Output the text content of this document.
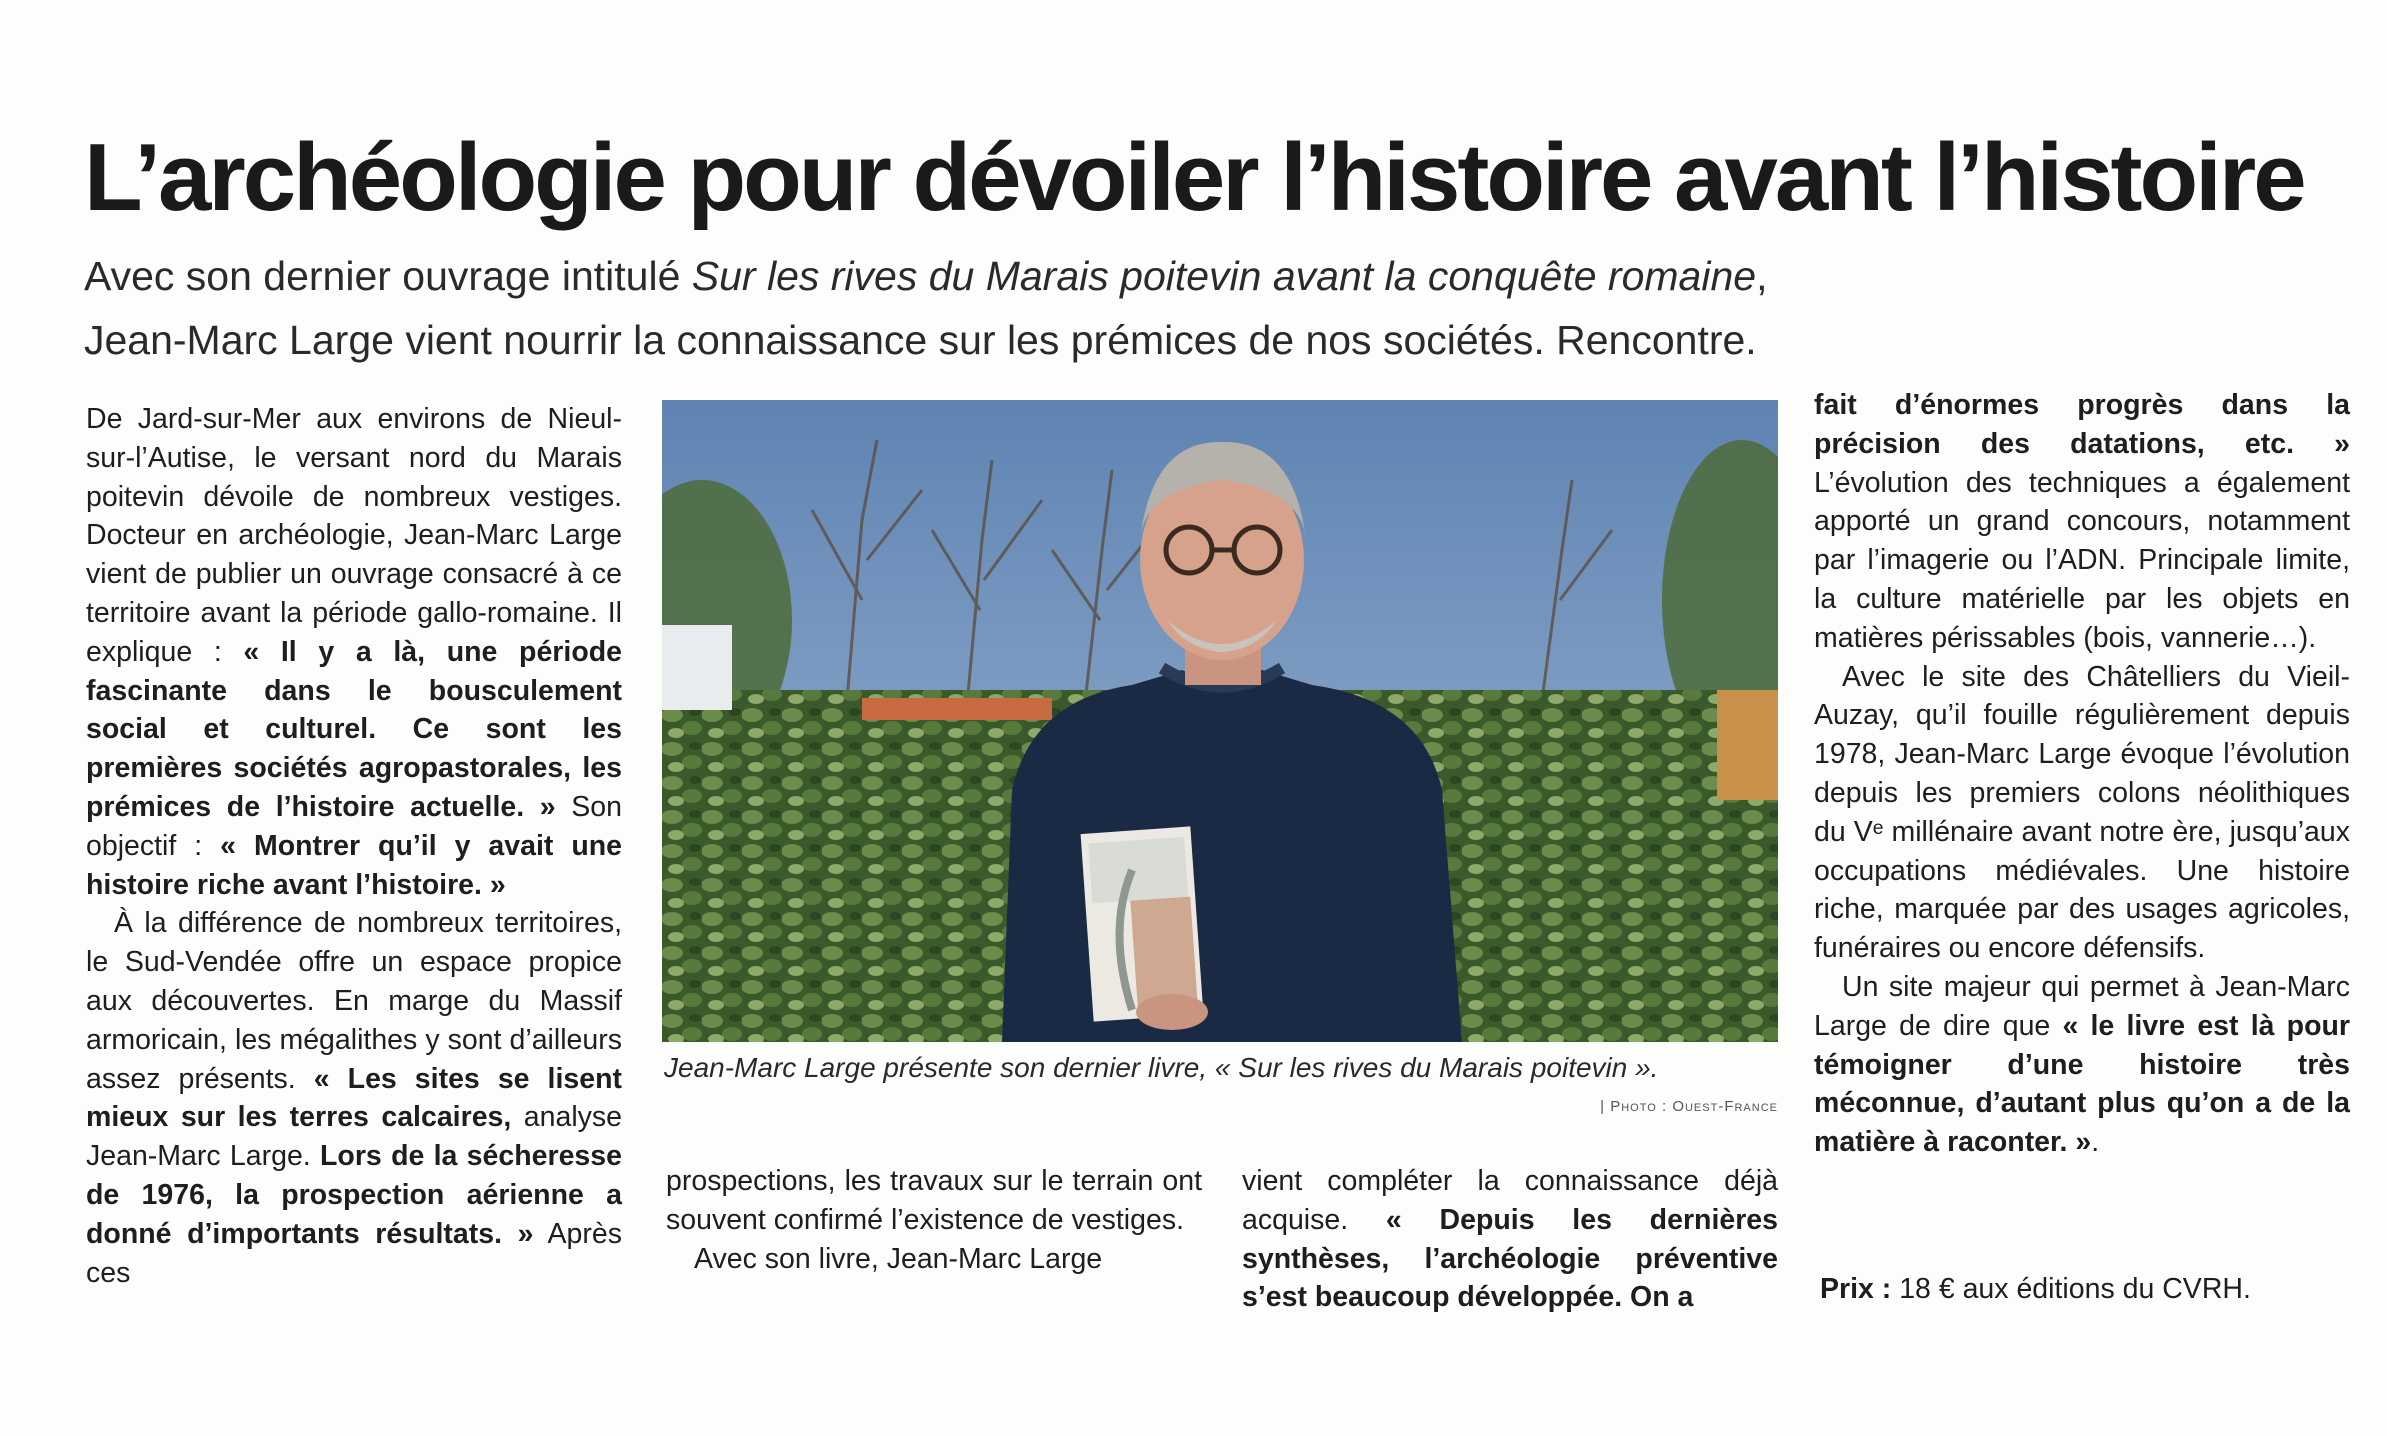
L’archéologie pour dévoiler l’histoire avant l’histoire

Avec son dernier ouvrage intitulé Sur les rives du Marais poitevin avant la conquête romaine,
Jean-Marc Large vient nourrir la connaissance sur les prémices de nos sociétés. Rencontre.

De Jard-sur-Mer aux environs de Nieul-sur-l’Autise, le versant nord du Marais poitevin dévoile de nombreux vestiges. Docteur en archéologie, Jean-Marc Large vient de publier un ouvrage consacré à ce territoire avant la période gallo-romaine. Il explique : « Il y a là, une période fascinante dans le bousculement social et culturel. Ce sont les premières sociétés agropastorales, les prémices de l’histoire actuelle. » Son objectif : « Montrer qu’il y avait une histoire riche avant l’histoire. »

À la différence de nombreux territoires, le Sud-Vendée offre un espace propice aux découvertes. En marge du Massif armoricain, les mégalithes y sont d’ailleurs assez présents. « Les sites se lisent mieux sur les terres calcaires, analyse Jean-Marc Large. Lors de la sécheresse de 1976, la prospection aérienne a donné d’importants résultats. » Après ces

Jean-Marc Large présente son dernier livre, « Sur les rives du Marais poitevin ».
| Photo : Ouest-France

prospections, les travaux sur le terrain ont souvent confirmé l’existence de vestiges.

Avec son livre, Jean-Marc Large

vient compléter la connaissance déjà acquise. « Depuis les dernières synthèses, l’archéologie préventive s’est beaucoup développée. On a

fait d’énormes progrès dans la précision des datations, etc. » L’évolution des techniques a également apporté un grand concours, notamment par l’imagerie ou l’ADN. Principale limite, la culture matérielle par les objets en matières périssables (bois, vannerie…).

Avec le site des Châtelliers du Vieil-Auzay, qu’il fouille régulièrement depuis 1978, Jean-Marc Large évoque l’évolution depuis les premiers colons néolithiques du Vᵉ millénaire avant notre ère, jusqu’aux occupations médiévales. Une histoire riche, marquée par des usages agricoles, funéraires ou encore défensifs.

Un site majeur qui permet à Jean-Marc Large de dire que « le livre est là pour témoigner d’une histoire très méconnue, d’autant plus qu’on a de la matière à raconter. ».

Prix : 18 € aux éditions du CVRH.
